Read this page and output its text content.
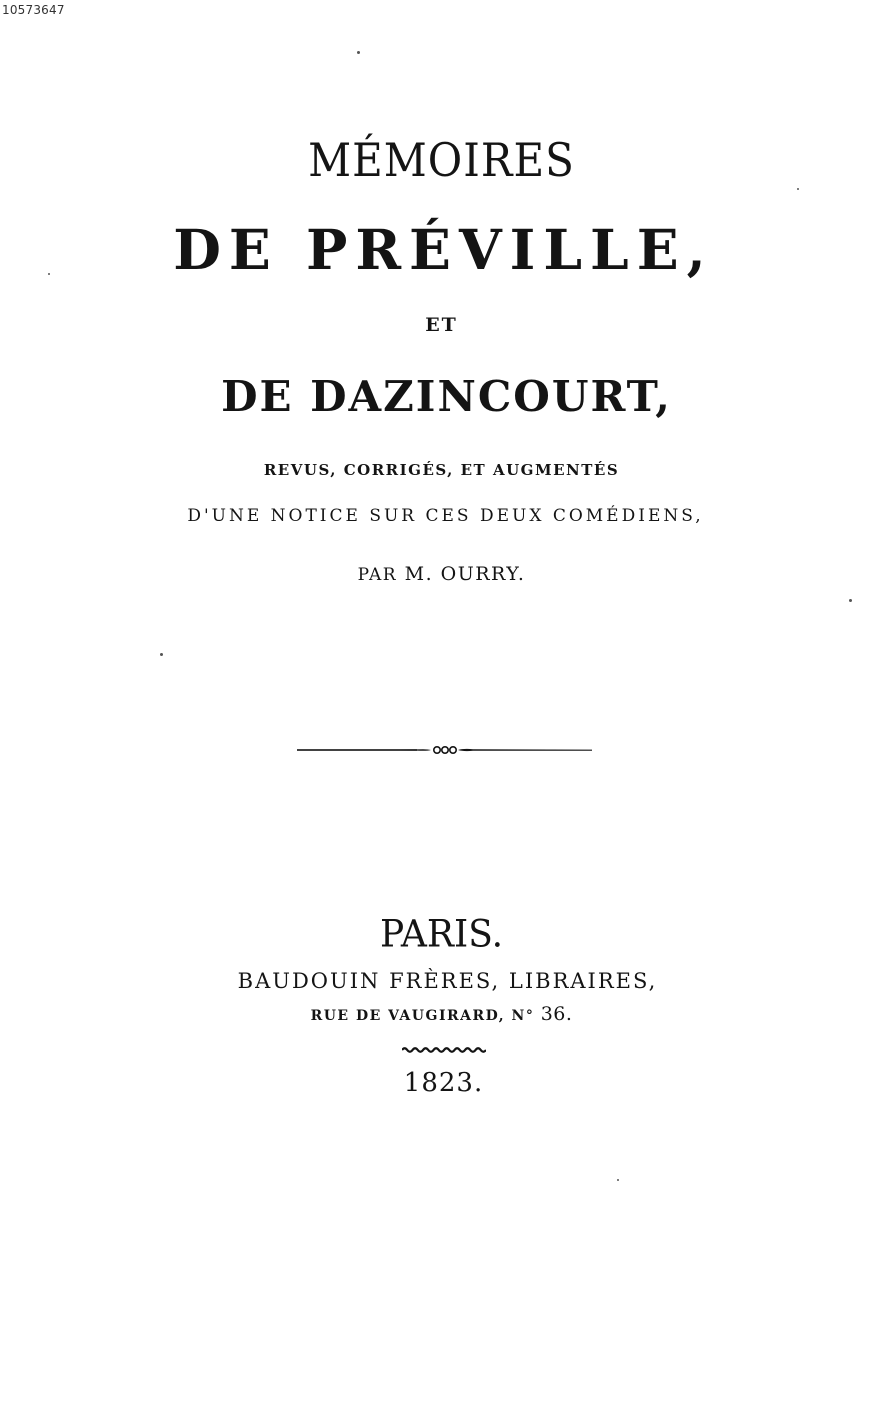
10573647
MÉMOIRES
DE PRÉVILLE,
ET
DE DAZINCOURT,
REVUS, CORRIGÉS, ET AUGMENTÉS
D'UNE NOTICE SUR CES DEUX COMÉDIENS,
PAR M. OURRY.
PARIS.
BAUDOUIN FRÈRES, LIBRAIRES,
RUE DE VAUGIRARD, N° 36.
1823.
